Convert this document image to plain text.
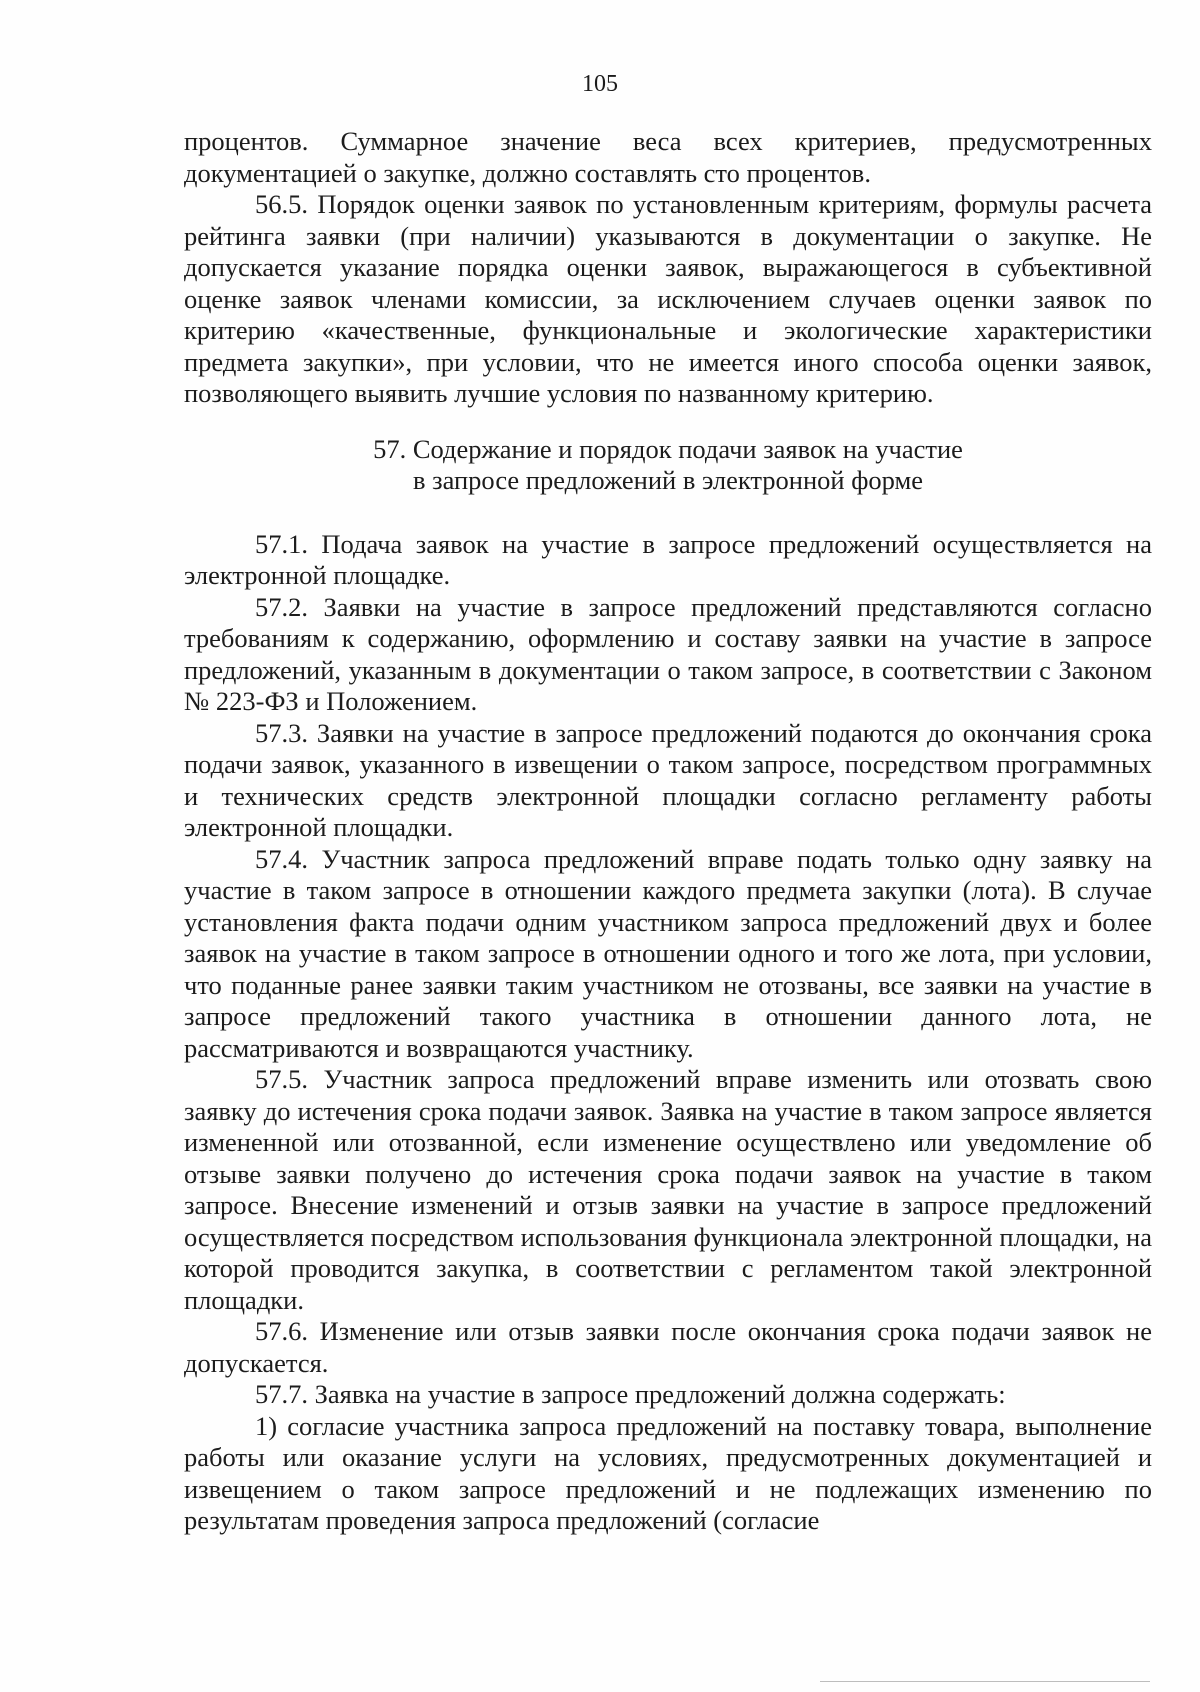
105

процентов. Суммарное значение веса всех критериев, предусмотренных документацией о закупке, должно составлять сто процентов.

56.5. Порядок оценки заявок по установленным критериям, формулы расчета рейтинга заявки (при наличии) указываются в документации о закупке. Не допускается указание порядка оценки заявок, выражающегося в субъективной оценке заявок членами комиссии, за исключением случаев оценки заявок по критерию «качественные, функциональные и экологические характеристики предмета закупки», при условии, что не имеется иного способа оценки заявок, позволяющего выявить лучшие условия по названному критерию.

57. Содержание и порядок подачи заявок на участие
в запросе предложений в электронной форме

57.1. Подача заявок на участие в запросе предложений осуществляется на электронной площадке.

57.2. Заявки на участие в запросе предложений представляются согласно требованиям к содержанию, оформлению и составу заявки на участие в запросе предложений, указанным в документации о таком запросе, в соответствии с Законом № 223-ФЗ и Положением.

57.3. Заявки на участие в запросе предложений подаются до окончания срока подачи заявок, указанного в извещении о таком запросе, посредством программных и технических средств электронной площадки согласно регламенту работы электронной площадки.

57.4. Участник запроса предложений вправе подать только одну заявку на участие в таком запросе в отношении каждого предмета закупки (лота). В случае установления факта подачи одним участником запроса предложений двух и более заявок на участие в таком запросе в отношении одного и того же лота, при условии, что поданные ранее заявки таким участником не отозваны, все заявки на участие в запросе предложений такого участника в отношении данного лота, не рассматриваются и возвращаются участнику.

57.5. Участник запроса предложений вправе изменить или отозвать свою заявку до истечения срока подачи заявок. Заявка на участие в таком запросе является измененной или отозванной, если изменение осуществлено или уведомление об отзыве заявки получено до истечения срока подачи заявок на участие в таком запросе. Внесение изменений и отзыв заявки на участие в запросе предложений осуществляется посредством использования функционала электронной площадки, на которой проводится закупка, в соответствии с регламентом такой электронной площадки.

57.6. Изменение или отзыв заявки после окончания срока подачи заявок не допускается.

57.7. Заявка на участие в запросе предложений должна содержать:

1) согласие участника запроса предложений на поставку товара, выполнение работы или оказание услуги на условиях, предусмотренных документацией и извещением о таком запросе предложений и не подлежащих изменению по результатам проведения запроса предложений (согласие
